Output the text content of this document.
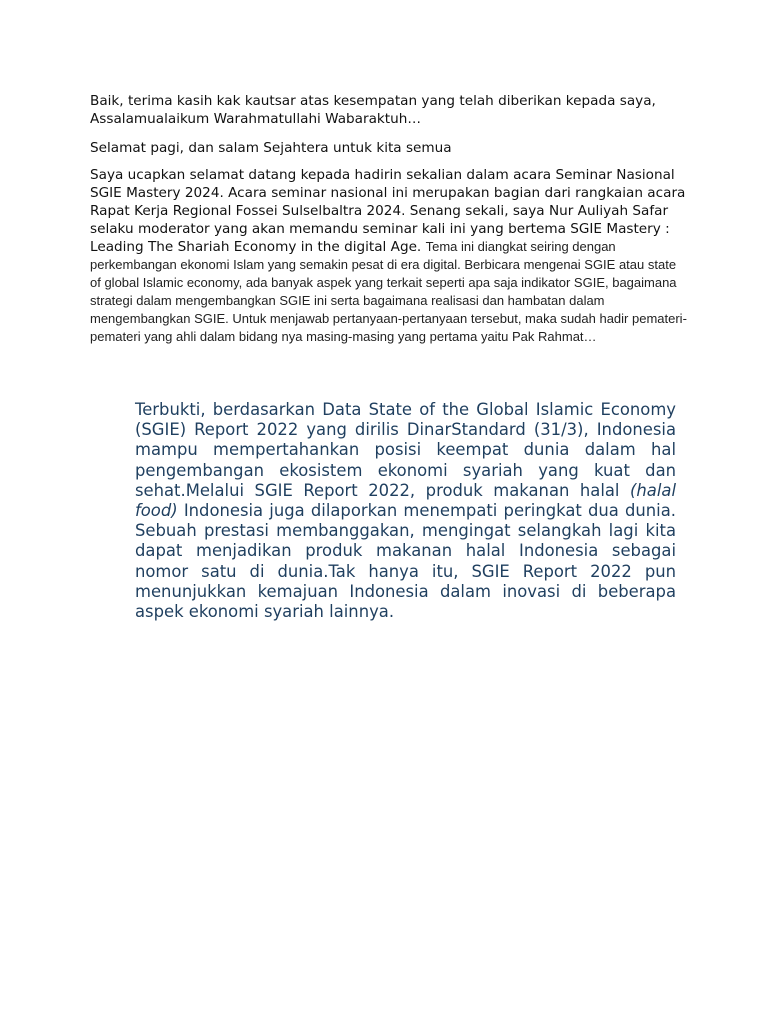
Baik, terima kasih kak kautsar atas kesempatan yang telah diberikan kepada saya,
Assalamualaikum Warahmatullahi Wabaraktuh…

Selamat pagi, dan salam Sejahtera untuk kita semua

Saya ucapkan selamat datang kepada hadirin sekalian dalam acara Seminar Nasional SGIE Mastery 2024. Acara seminar nasional ini merupakan bagian dari rangkaian acara Rapat Kerja Regional Fossei Sulselbaltra 2024. Senang sekali, saya Nur Auliyah Safar selaku moderator yang akan memandu seminar kali ini yang bertema SGIE Mastery : Leading The Shariah Economy in the digital Age. Tema ini diangkat seiring dengan perkembangan ekonomi Islam yang semakin pesat di era digital. Berbicara mengenai SGIE atau state of global Islamic economy, ada banyak aspek yang terkait seperti apa saja indikator SGIE, bagaimana strategi dalam mengembangkan SGIE ini serta bagaimana realisasi dan hambatan dalam mengembangkan SGIE. Untuk menjawab pertanyaan-pertanyaan tersebut, maka sudah hadir pemateri-pemateri yang ahli dalam bidang nya masing-masing yang pertama yaitu Pak Rahmat…

Terbukti, berdasarkan Data State of the Global Islamic Economy (SGIE) Report 2022 yang dirilis DinarStandard (31/3), Indonesia mampu mempertahankan posisi keempat dunia dalam hal pengembangan ekosistem ekonomi syariah yang kuat dan sehat.Melalui SGIE Report 2022, produk makanan halal (halal food) Indonesia juga dilaporkan menempati peringkat dua dunia. Sebuah prestasi membanggakan, mengingat selangkah lagi kita dapat menjadikan produk makanan halal Indonesia sebagai nomor satu di dunia.Tak hanya itu, SGIE Report 2022 pun menunjukkan kemajuan Indonesia dalam inovasi di beberapa aspek ekonomi syariah lainnya.
